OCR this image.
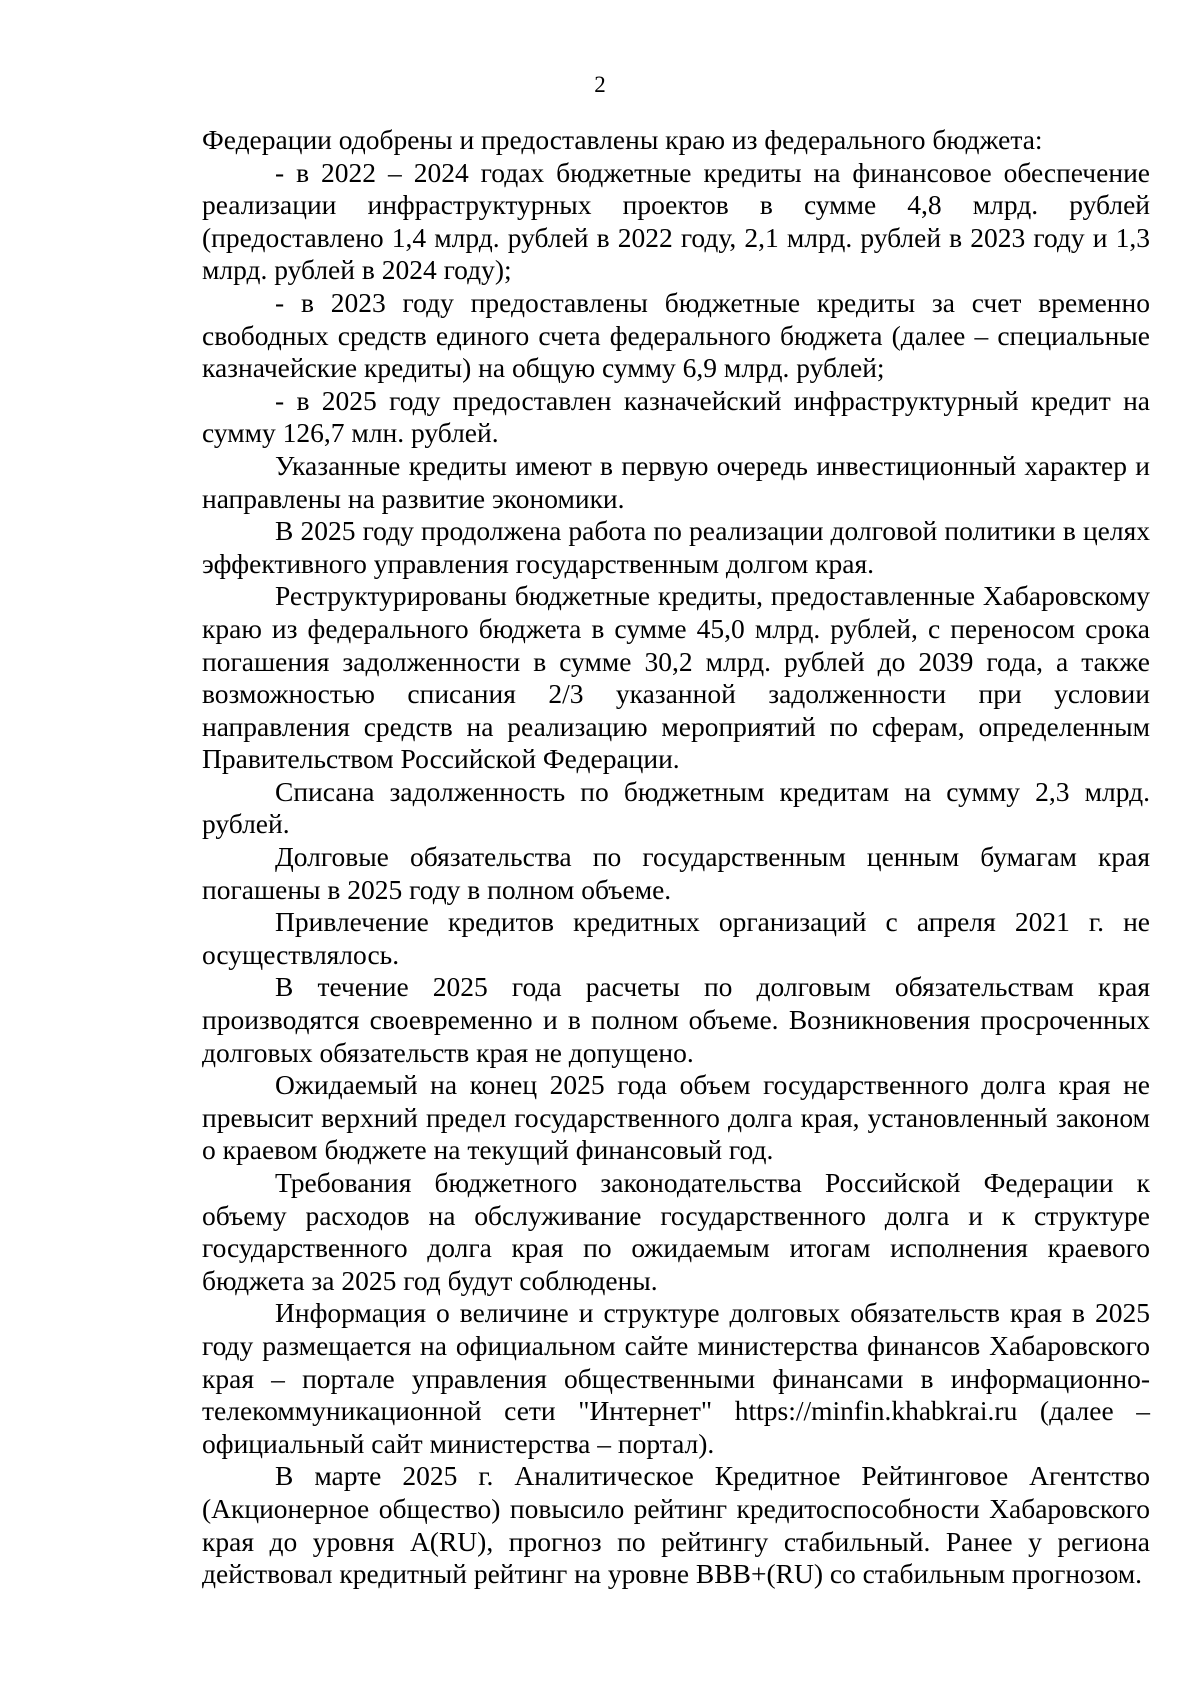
2

Федерации одобрены и предоставлены краю из федерального бюджета:

- в 2022 – 2024 годах бюджетные кредиты на финансовое обеспечение реализации инфраструктурных проектов в сумме 4,8 млрд. рублей (предоставлено 1,4 млрд. рублей в 2022 году, 2,1 млрд. рублей в 2023 году и 1,3 млрд. рублей в 2024 году);

- в 2023 году предоставлены бюджетные кредиты за счет временно свободных средств единого счета федерального бюджета (далее – специальные казначейские кредиты) на общую сумму 6,9 млрд. рублей;

- в 2025 году предоставлен казначейский инфраструктурный кредит на сумму 126,7 млн. рублей.

Указанные кредиты имеют в первую очередь инвестиционный характер и направлены на развитие экономики.

В 2025 году продолжена работа по реализации долговой политики в целях эффективного управления государственным долгом края.

Реструктурированы бюджетные кредиты, предоставленные Хабаровскому краю из федерального бюджета в сумме 45,0 млрд. рублей, с переносом срока погашения задолженности в сумме 30,2 млрд. рублей до 2039 года, а также возможностью списания 2/3 указанной задолженности при условии направления средств на реализацию мероприятий по сферам, определенным Правительством Российской Федерации.

Списана задолженность по бюджетным кредитам на сумму 2,3 млрд. рублей.

Долговые обязательства по государственным ценным бумагам края погашены в 2025 году в полном объеме.

Привлечение кредитов кредитных организаций с апреля 2021 г. не осуществлялось.

В течение 2025 года расчеты по долговым обязательствам края производятся своевременно и в полном объеме. Возникновения просроченных долговых обязательств края не допущено.

Ожидаемый на конец 2025 года объем государственного долга края не превысит верхний предел государственного долга края, установленный законом о краевом бюджете на текущий финансовый год.

Требования бюджетного законодательства Российской Федерации к объему расходов на обслуживание государственного долга и к структуре государственного долга края по ожидаемым итогам исполнения краевого бюджета за 2025 год будут соблюдены.

Информация о величине и структуре долговых обязательств края в 2025 году размещается на официальном сайте министерства финансов Хабаровского края – портале управления общественными финансами в информационно-телекоммуникационной сети "Интернет" https://minfin.khabkrai.ru (далее – официальный сайт министерства – портал).

В марте 2025 г. Аналитическое Кредитное Рейтинговое Агентство (Акционерное общество) повысило рейтинг кредитоспособности Хабаровского края до уровня A(RU), прогноз по рейтингу стабильный. Ранее у региона действовал кредитный рейтинг на уровне BBB+(RU) со стабильным прогнозом.
